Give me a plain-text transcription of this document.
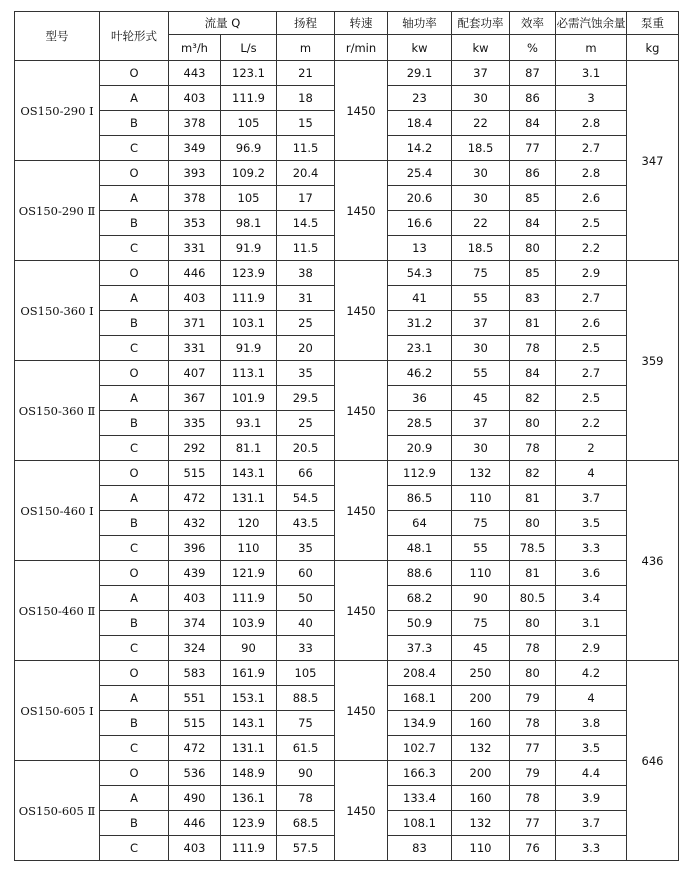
型号	叶轮形式	流量 Q		扬程	转速	轴功率	配套功率	效率	必需汽蚀余量	泵重
		m³/h	L/s	m	r/min	kw	kw	%	m	kg
OS150-290 Ⅰ	O	443	123.1	21	1450	29.1	37	87	3.1	347
	A	403	111.9	18		23	30	86	3	
	B	378	105	15		18.4	22	84	2.8	
	C	349	96.9	11.5		14.2	18.5	77	2.7	
OS150-290 Ⅱ	O	393	109.2	20.4	1450	25.4	30	86	2.8	
	A	378	105	17		20.6	30	85	2.6	
	B	353	98.1	14.5		16.6	22	84	2.5	
	C	331	91.9	11.5		13	18.5	80	2.2	
OS150-360 Ⅰ	O	446	123.9	38	1450	54.3	75	85	2.9	359
	A	403	111.9	31		41	55	83	2.7	
	B	371	103.1	25		31.2	37	81	2.6	
	C	331	91.9	20		23.1	30	78	2.5	
OS150-360 Ⅱ	O	407	113.1	35	1450	46.2	55	84	2.7	
	A	367	101.9	29.5		36	45	82	2.5	
	B	335	93.1	25		28.5	37	80	2.2	
	C	292	81.1	20.5		20.9	30	78	2	
OS150-460 Ⅰ	O	515	143.1	66	1450	112.9	132	82	4	436
	A	472	131.1	54.5		86.5	110	81	3.7	
	B	432	120	43.5		64	75	80	3.5	
	C	396	110	35		48.1	55	78.5	3.3	
OS150-460 Ⅱ	O	439	121.9	60	1450	88.6	110	81	3.6	
	A	403	111.9	50		68.2	90	80.5	3.4	
	B	374	103.9	40		50.9	75	80	3.1	
	C	324	90	33		37.3	45	78	2.9	
OS150-605 Ⅰ	O	583	161.9	105	1450	208.4	250	80	4.2	646
	A	551	153.1	88.5		168.1	200	79	4	
	B	515	143.1	75		134.9	160	78	3.8	
	C	472	131.1	61.5		102.7	132	77	3.5	
OS150-605 Ⅱ	O	536	148.9	90	1450	166.3	200	79	4.4	
	A	490	136.1	78		133.4	160	78	3.9	
	B	446	123.9	68.5		108.1	132	77	3.7	
	C	403	111.9	57.5		83	110	76	3.3	
